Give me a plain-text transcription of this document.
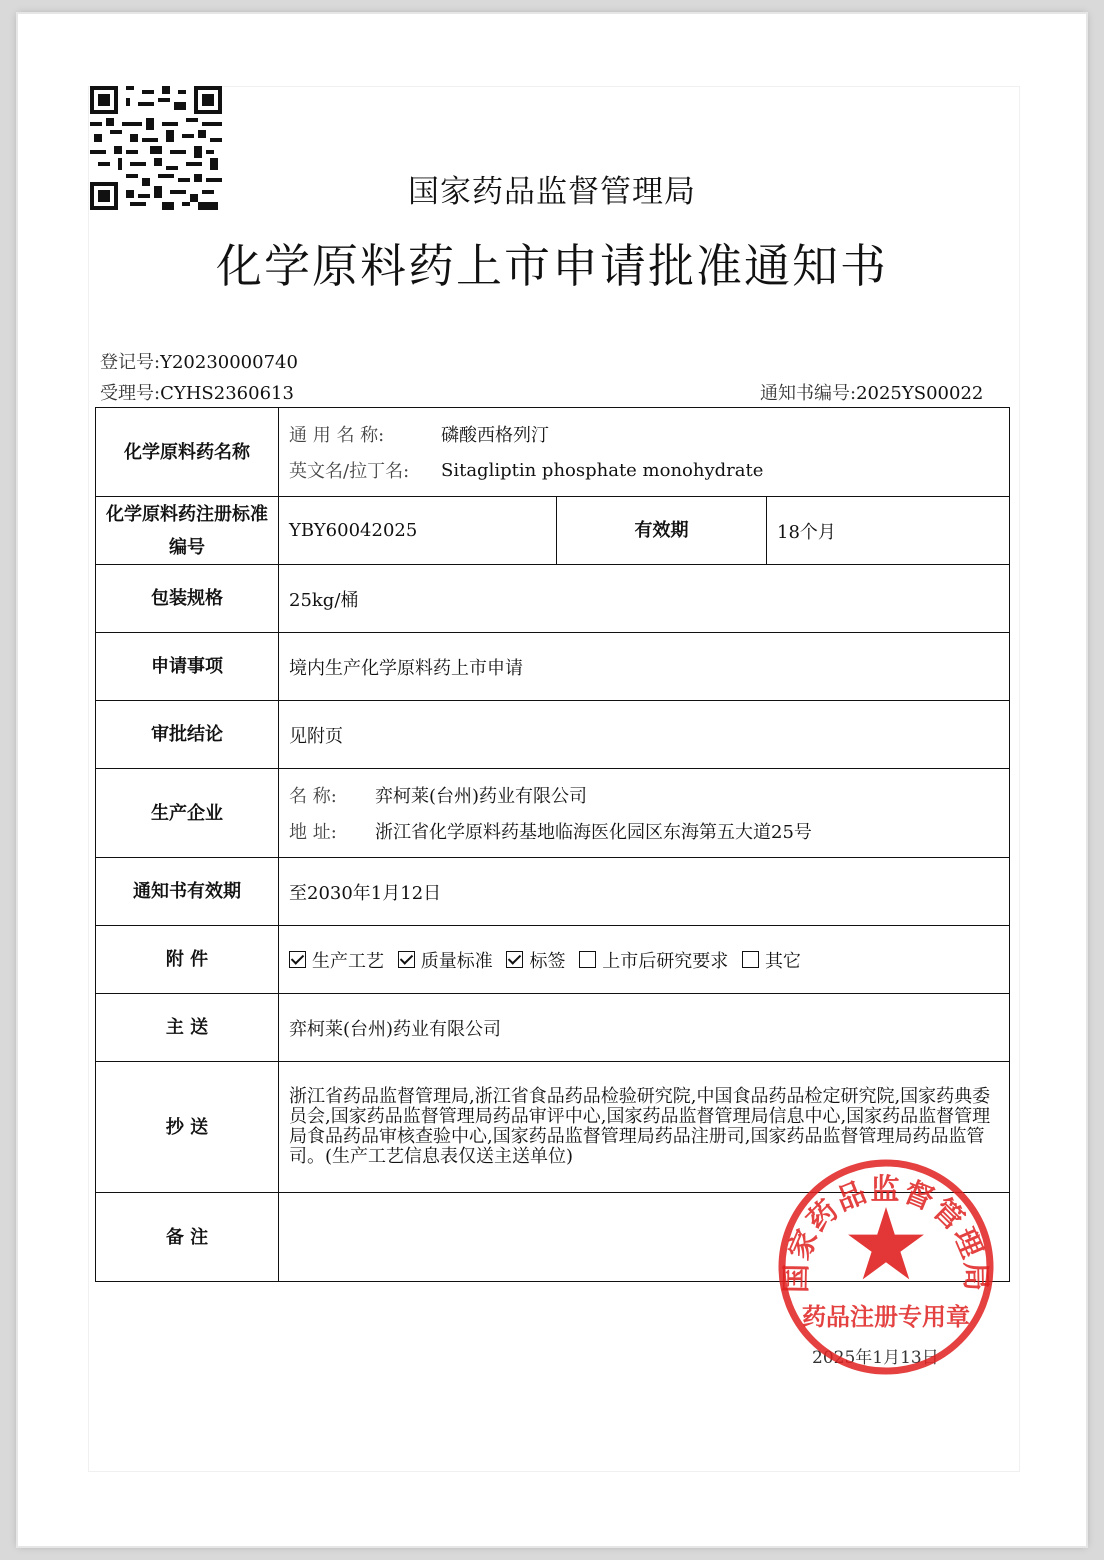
国家药品监督管理局
化学原料药上市申请批准通知书
登记号:Y20230000740
受理号:CYHS2360613	通知书编号:2025YS00022
化学原料药名称	通 用 名 称: 磷酸西格列汀
英文名/拉丁名: Sitagliptin phosphate monohydrate		

化学原料药注册标准编号	YBY60042025	有效期	18个月
包装规格	25kg/桶		
申请事项	境内生产化学原料药上市申请		
审批结论	见附页		
生产企业	名 称: 弈柯莱(台州)药业有限公司
地 址: 浙江省化学原料药基地临海医化园区东海第五大道25号		

通知书有效期	至2030年1月12日		
附 件	生产工艺 质量标准 标签 上市后研究要求 其它		
主 送	弈柯莱(台州)药业有限公司		
抄 送	浙江省药品监督管理局,浙江省食品药品检验研究院,中国食品药品检定研究院,国家药典委员会,国家药品监督管理局药品审评中心,国家药品监督管理局信息中心,国家药品监督管理局食品药品审核查验中心,国家药品监督管理局药品注册司,国家药品监督管理局药品监管司。(生产工艺信息表仅送主送单位)		
备 注			
2025年1月13日
国家药品监督管理局
药品注册专用章
